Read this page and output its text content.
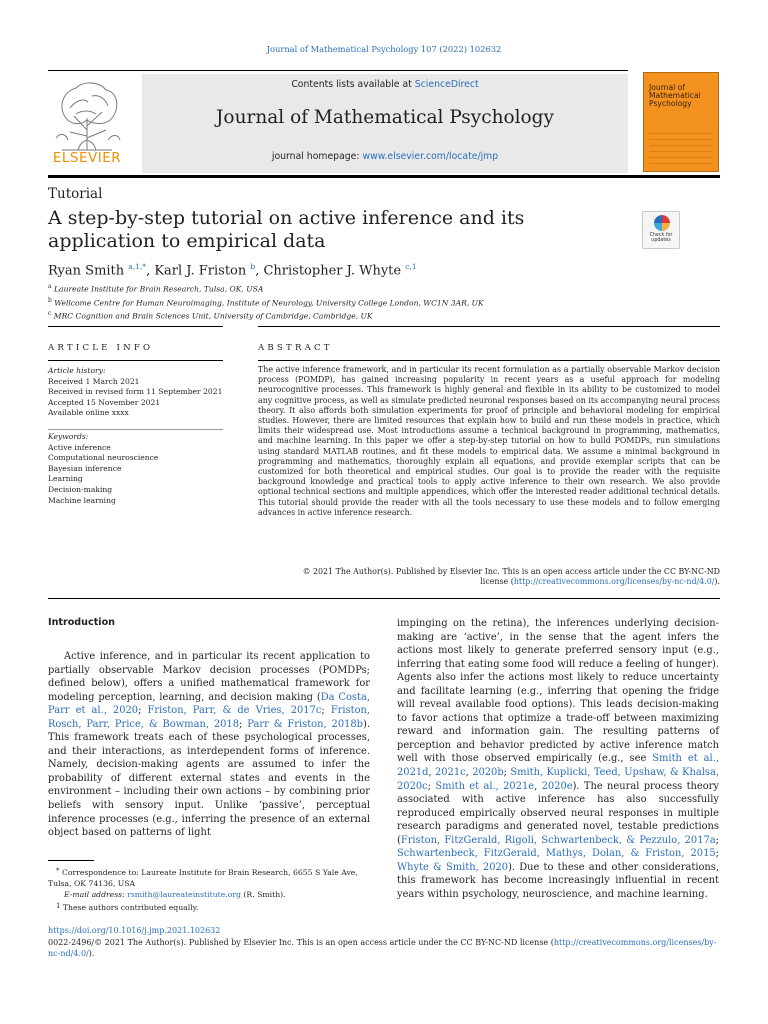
Journal of Mathematical Psychology 107 (2022) 102632
ELSEVIER
Contents lists available at ScienceDirect
Journal of Mathematical Psychology
journal homepage: www.elsevier.com/locate/jmp
Journal of Mathematical Psychology
Tutorial
A step-by-step tutorial on active inference and its application to empirical data	Check for updates
Ryan Smith $^{a,1,*}$, Karl J. Friston $^b$, Christopher J. Whyte $^{c,1}$
$^a$ Laureate Institute for Brain Research, Tulsa, OK, USA
$^b$ Wellcome Centre for Human Neuroimaging, Institute of Neurology, University College London, WC1N 3AR, UK
$^c$ MRC Cognition and Brain Sciences Unit, University of Cambridge, Cambridge, UK
ARTICLE INFO	ABSTRACT
Article history:
Received 1 March 2021
Received in revised form 11 September 2021
Accepted 15 November 2021
Available online xxxx
Keywords:
Active inference
Computational neuroscience
Bayesian inference
Learning
Decision-making
Machine learning
The active inference framework, and in particular its recent formulation as a partially observable Markov decision process (POMDP), has gained increasing popularity in recent years as a useful approach for modeling neurocognitive processes. This framework is highly general and flexible in its ability to be customized to model any cognitive process, as well as simulate predicted neuronal responses based on its accompanying neural process theory. It also affords both simulation experiments for proof of principle and behavioral modeling for empirical studies. However, there are limited resources that explain how to build and run these models in practice, which limits their widespread use. Most introductions assume a technical background in programming, mathematics, and machine learning. In this paper we offer a step-by-step tutorial on how to build POMDPs, run simulations using standard MATLAB routines, and fit these models to empirical data. We assume a minimal background in programming and mathematics, thoroughly explain all equations, and provide exemplar scripts that can be customized for both theoretical and empirical studies. Our goal is to provide the reader with the requisite background knowledge and practical tools to apply active inference to their own research. We also provide optional technical sections and multiple appendices, which offer the interested reader additional technical details. This tutorial should provide the reader with all the tools necessary to use these models and to follow emerging advances in active inference research.
© 2021 The Author(s). Published by Elsevier Inc. This is an open access article under the CC BY-NC-ND
license (http://creativecommons.org/licenses/by-nc-nd/4.0/).
Introduction
Active inference, and in particular its recent application to partially observable Markov decision processes (POMDPs; defined below), offers a unified mathematical framework for modeling perception, learning, and decision making (Da Costa, Parr et al., 2020; Friston, Parr, & de Vries, 2017c; Friston, Rosch, Parr, Price, & Bowman, 2018; Parr & Friston, 2018b). This framework treats each of these psychological processes, and their interactions, as interdependent forms of inference. Namely, decision-making agents are assumed to infer the probability of different external states and events in the environment – including their own actions – by combining prior beliefs with sensory input. Unlike ‘passive’, perceptual inference processes (e.g., inferring the presence of an external object based on patterns of light
impinging on the retina), the inferences underlying decision-making are ‘active’, in the sense that the agent infers the actions most likely to generate preferred sensory input (e.g., inferring that eating some food will reduce a feeling of hunger). Agents also infer the actions most likely to reduce uncertainty and facilitate learning (e.g., inferring that opening the fridge will reveal available food options). This leads decision-making to favor actions that optimize a trade-off between maximizing reward and information gain. The resulting patterns of perception and behavior predicted by active inference match well with those observed empirically (e.g., see Smith et al., 2021d, 2021c, 2020b; Smith, Kuplicki, Teed, Upshaw, & Khalsa, 2020c; Smith et al., 2021e, 2020e). The neural process theory associated with active inference has also successfully reproduced empirically observed neural responses in multiple research paradigms and generated novel, testable predictions (Friston, FitzGerald, Rigoli, Schwartenbeck, & Pezzulo, 2017a; Schwartenbeck, FitzGerald, Mathys, Dolan, & Friston, 2015; Whyte & Smith, 2020). Due to these and other considerations, this framework has become increasingly influential in recent years within psychology, neuroscience, and machine learning.
* Correspondence to: Laureate Institute for Brain Research, 6655 S Yale Ave, Tulsa, OK 74136, USA
E-mail address: rsmith@laureateinstitute.org (R. Smith).
1 These authors contributed equally.
https://doi.org/10.1016/j.jmp.2021.102632
0022-2496/© 2021 The Author(s). Published by Elsevier Inc. This is an open access article under the CC BY-NC-ND license (http://creativecommons.org/licenses/by-nc-nd/4.0/).
